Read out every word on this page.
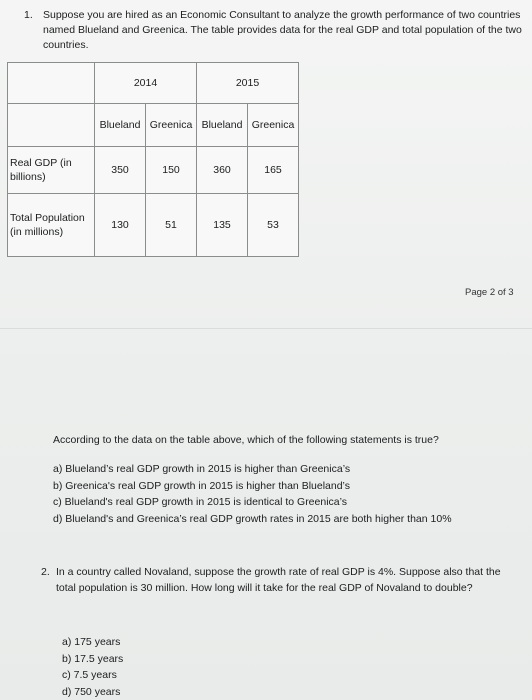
1. Suppose you are hired as an Economic Consultant to analyze the growth performance of two countries named Blueland and Greenica. The table provides data for the real GDP and total population of the two countries.
	2014		2015	
	Blueland	Greenica	Blueland	Greenica
Real GDP (in billions)	350	150	360	165
Total Population (in millions)	130	51	135	53
Page 2 of 3
According to the data on the table above, which of the following statements is true?
a) Blueland’s real GDP growth in 2015 is higher than Greenica’s
b) Greenica's real GDP growth in 2015 is higher than Blueland’s
c) Blueland's real GDP growth in 2015 is identical to Greenica’s
d) Blueland's and Greenica’s real GDP growth rates in 2015 are both higher than 10%
2. In a country called Novaland, suppose the growth rate of real GDP is 4%. Suppose also that the total population is 30 million. How long will it take for the real GDP of Novaland to double?
a) 175 years
b) 17.5 years
c) 7.5 years
d) 750 years
